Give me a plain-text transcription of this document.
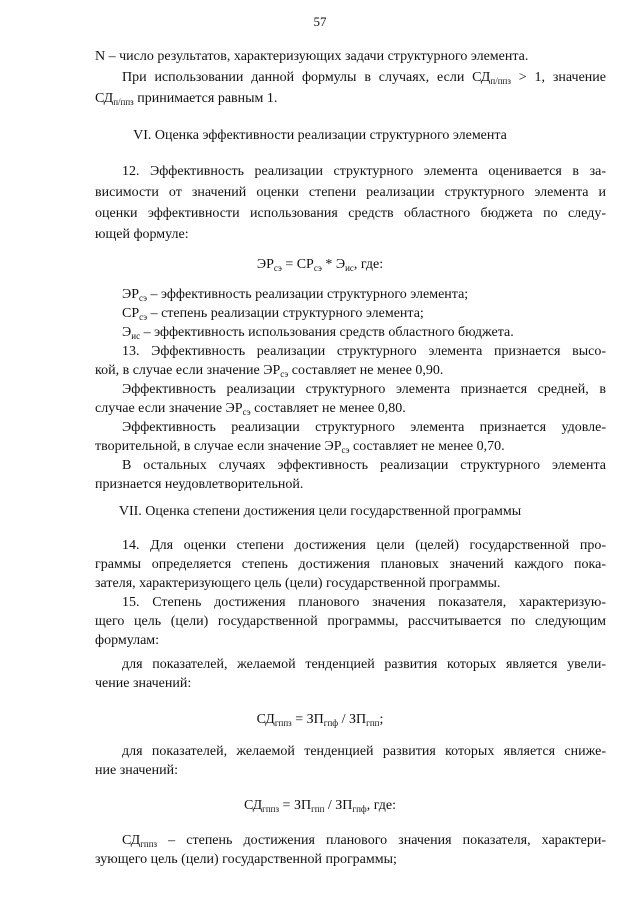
57
N – число результатов, характеризующих задачи структурного элемента.
При использовании данной формулы в случаях, если $СД_{п/ппз} > 1$, значение
$СД_{п/ппз}$ принимается равным 1.
VI. Оценка эффективности реализации структурного элемента
12. Эффективность реализации структурного элемента оценивается в за-
висимости от значений оценки степени реализации структурного элемента и
оценки эффективности использования средств областного бюджета по следу-
ющей формуле:
$ЭР_{сэ} = СР_{сэ} * Э_{ис}$, где:
$ЭР_{сэ}$ – эффективность реализации структурного элемента;
$СР_{сэ}$ – степень реализации структурного элемента;
$Э_{ис}$ – эффективность использования средств областного бюджета.
13. Эффективность реализации структурного элемента признается высо-
кой, в случае если значение $ЭР_{сэ}$ составляет не менее 0,90.
Эффективность реализации структурного элемента признается средней, в
случае если значение $ЭР_{сэ}$ составляет не менее 0,80.
Эффективность реализации структурного элемента признается удовле-
творительной, в случае если значение $ЭР_{сэ}$ составляет не менее 0,70.
В остальных случаях эффективность реализации структурного элемента
признается неудовлетворительной.
VII. Оценка степени достижения цели государственной программы
14. Для оценки степени достижения цели (целей) государственной про-
граммы определяется степень достижения плановых значений каждого пока-
зателя, характеризующего цель (цели) государственной программы.
15. Степень достижения планового значения показателя, характеризую-
щего цель (цели) государственной программы, рассчитывается по следующим
формулам:
для показателей, желаемой тенденцией развития которых является увели-
чение значений:
$СД_{гппз} = ЗП_{гпф} / ЗП_{гпп}$;
для показателей, желаемой тенденцией развития которых является сниже-
ние значений:
$СД_{гппз} = ЗП_{гпп} / ЗП_{гпф}$, где:
$СД_{гппз}$ – степень достижения планового значения показателя, характери-
зующего цель (цели) государственной программы;
